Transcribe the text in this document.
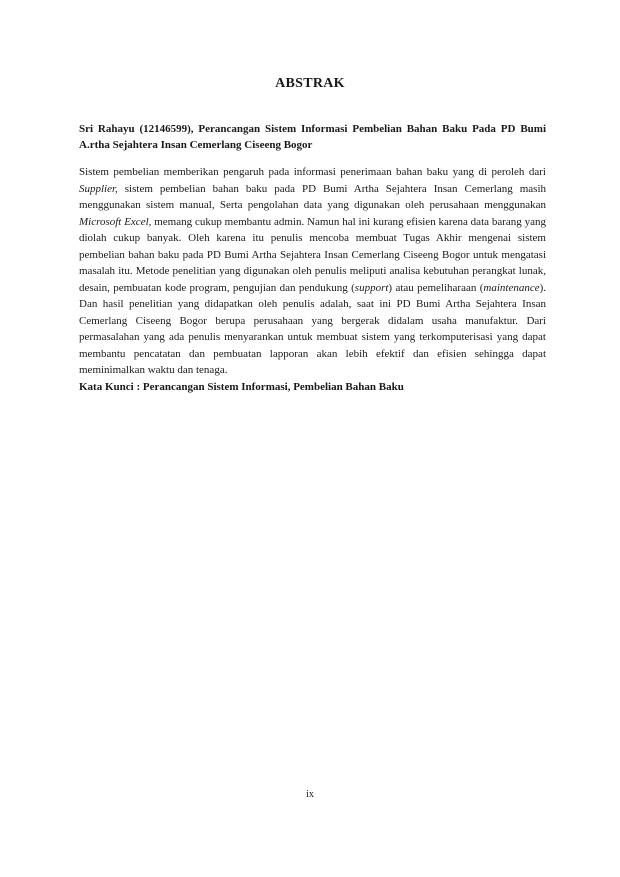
ABSTRAK
Sri Rahayu (12146599), Perancangan Sistem Informasi Pembelian Bahan Baku Pada PD Bumi A.rtha Sejahtera Insan Cemerlang Ciseeng Bogor
Sistem pembelian memberikan pengaruh pada informasi penerimaan bahan baku yang di peroleh dari Supplier, sistem pembelian bahan baku pada PD Bumi Artha Sejahtera Insan Cemerlang masih menggunakan sistem manual, Serta pengolahan data yang digunakan oleh perusahaan menggunakan Microsoft Excel, memang cukup membantu admin. Namun hal ini kurang efisien karena data barang yang diolah cukup banyak. Oleh karena itu penulis mencoba membuat Tugas Akhir mengenai sistem pembelian bahan baku pada PD Bumi Artha Sejahtera Insan Cemerlang Ciseeng Bogor untuk mengatasi masalah itu. Metode penelitian yang digunakan oleh penulis meliputi analisa kebutuhan perangkat lunak, desain, pembuatan kode program, pengujian dan pendukung (support) atau pemeliharaan (maintenance). Dan hasil penelitian yang didapatkan oleh penulis adalah, saat ini PD Bumi Artha Sejahtera Insan Cemerlang Ciseeng Bogor berupa perusahaan yang bergerak didalam usaha manufaktur. Dari permasalahan yang ada penulis menyarankan untuk membuat sistem yang terkomputerisasi yang dapat membantu pencatatan dan pembuatan lapporan akan lebih efektif dan efisien sehingga dapat meminimalkan waktu dan tenaga.
Kata Kunci : Perancangan Sistem Informasi, Pembelian Bahan Baku
ix
